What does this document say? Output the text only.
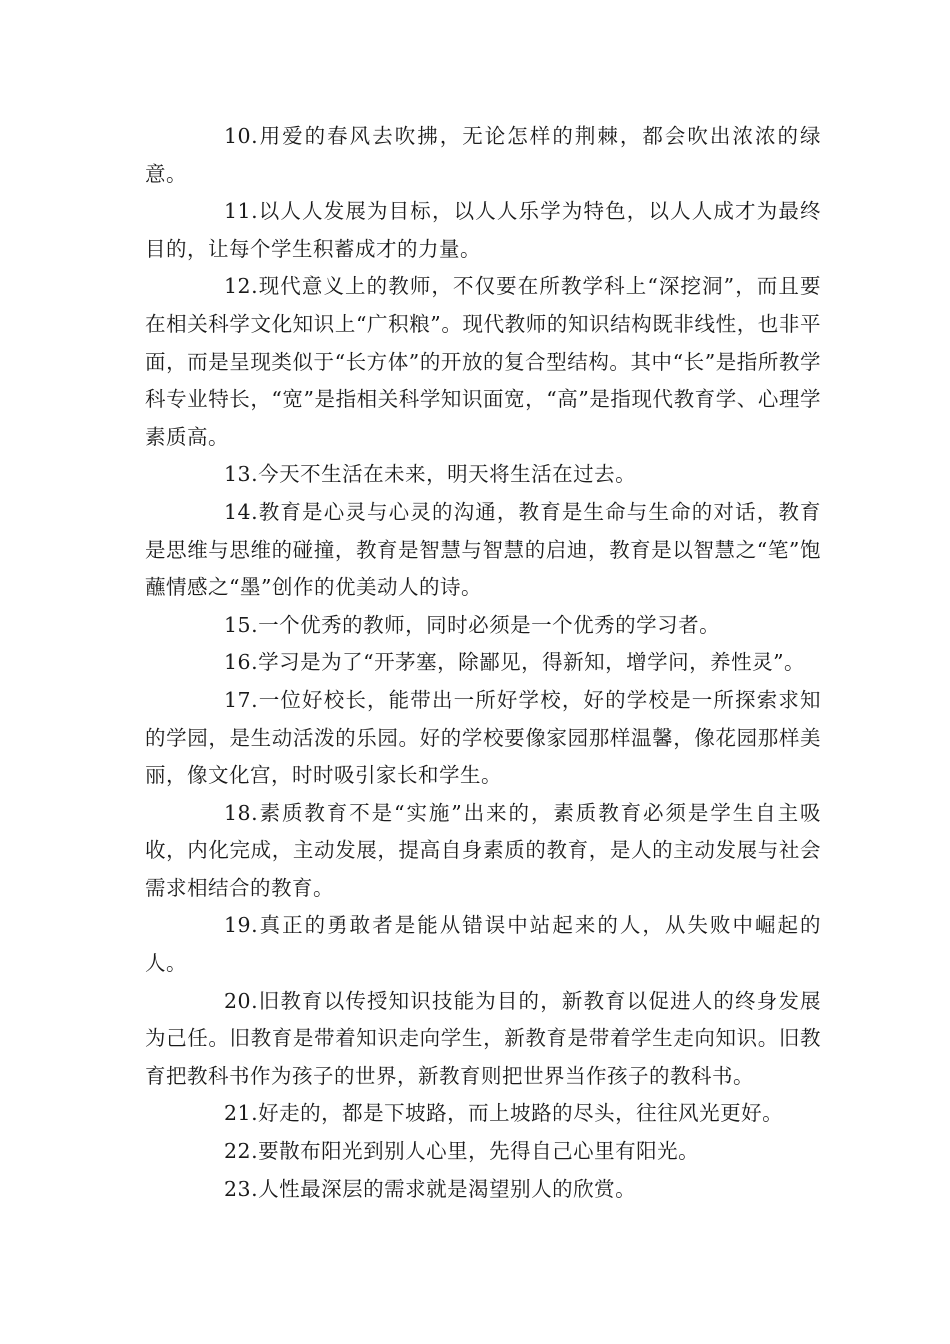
10.用爱的春风去吹拂，无论怎样的荆棘，都会吹出浓浓的绿意。

11.以人人发展为目标，以人人乐学为特色，以人人成才为最终目的，让每个学生积蓄成才的力量。

12.现代意义上的教师，不仅要在所教学科上“深挖洞”，而且要在相关科学文化知识上“广积粮”。现代教师的知识结构既非线性，也非平面，而是呈现类似于“长方体”的开放的复合型结构。其中“长”是指所教学科专业特长，“宽”是指相关科学知识面宽，“高”是指现代教育学、心理学素质高。

13.今天不生活在未来，明天将生活在过去。

14.教育是心灵与心灵的沟通，教育是生命与生命的对话，教育是思维与思维的碰撞，教育是智慧与智慧的启迪，教育是以智慧之“笔”饱蘸情感之“墨”创作的优美动人的诗。

15.一个优秀的教师，同时必须是一个优秀的学习者。

16.学习是为了“开茅塞，除鄙见，得新知，增学问，养性灵”。

17.一位好校长，能带出一所好学校，好的学校是一所探索求知的学园，是生动活泼的乐园。好的学校要像家园那样温馨，像花园那样美丽，像文化宫，时时吸引家长和学生。

18.素质教育不是“实施”出来的，素质教育必须是学生自主吸收，内化完成，主动发展，提高自身素质的教育，是人的主动发展与社会需求相结合的教育。

19.真正的勇敢者是能从错误中站起来的人，从失败中崛起的人。

20.旧教育以传授知识技能为目的，新教育以促进人的终身发展为己任。旧教育是带着知识走向学生，新教育是带着学生走向知识。旧教育把教科书作为孩子的世界，新教育则把世界当作孩子的教科书。

21.好走的，都是下坡路，而上坡路的尽头，往往风光更好。

22.要散布阳光到别人心里，先得自己心里有阳光。

23.人性最深层的需求就是渴望别人的欣赏。
